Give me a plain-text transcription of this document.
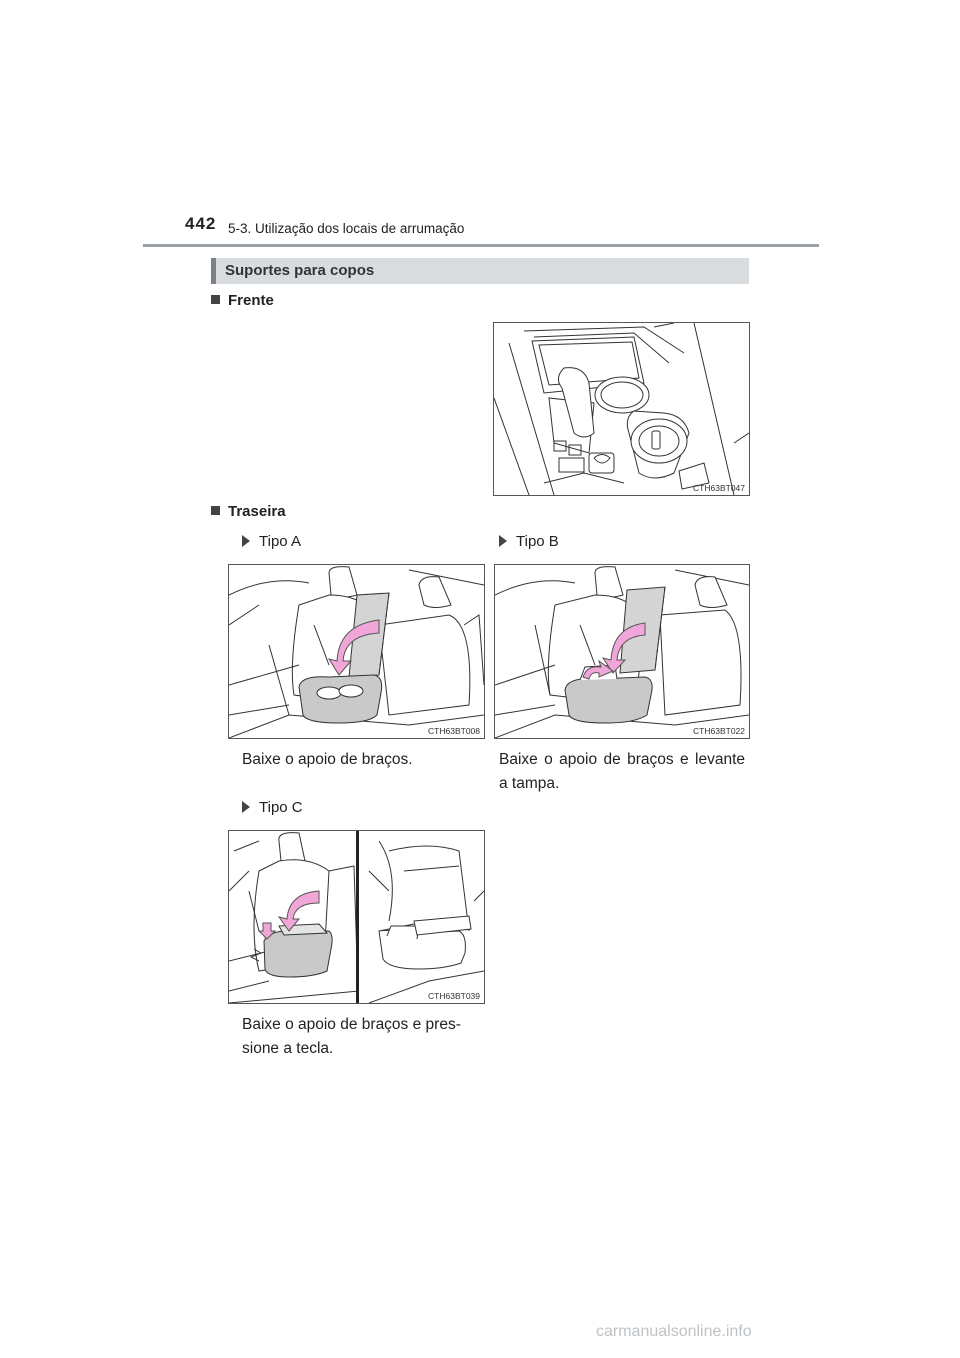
442 5-3. Utilização dos locais de arrumação
Suportes para copos
Frente
CTH63BT047
Traseira
Tipo A
CTH63BT008
Baixe o apoio de braços.
Tipo B
CTH63BT022
Baixe o apoio de braços e levante a tampa.
Tipo C
CTH63BT039
Baixe o apoio de braços e pres-sione a tecla.
carmanualsonline.info
